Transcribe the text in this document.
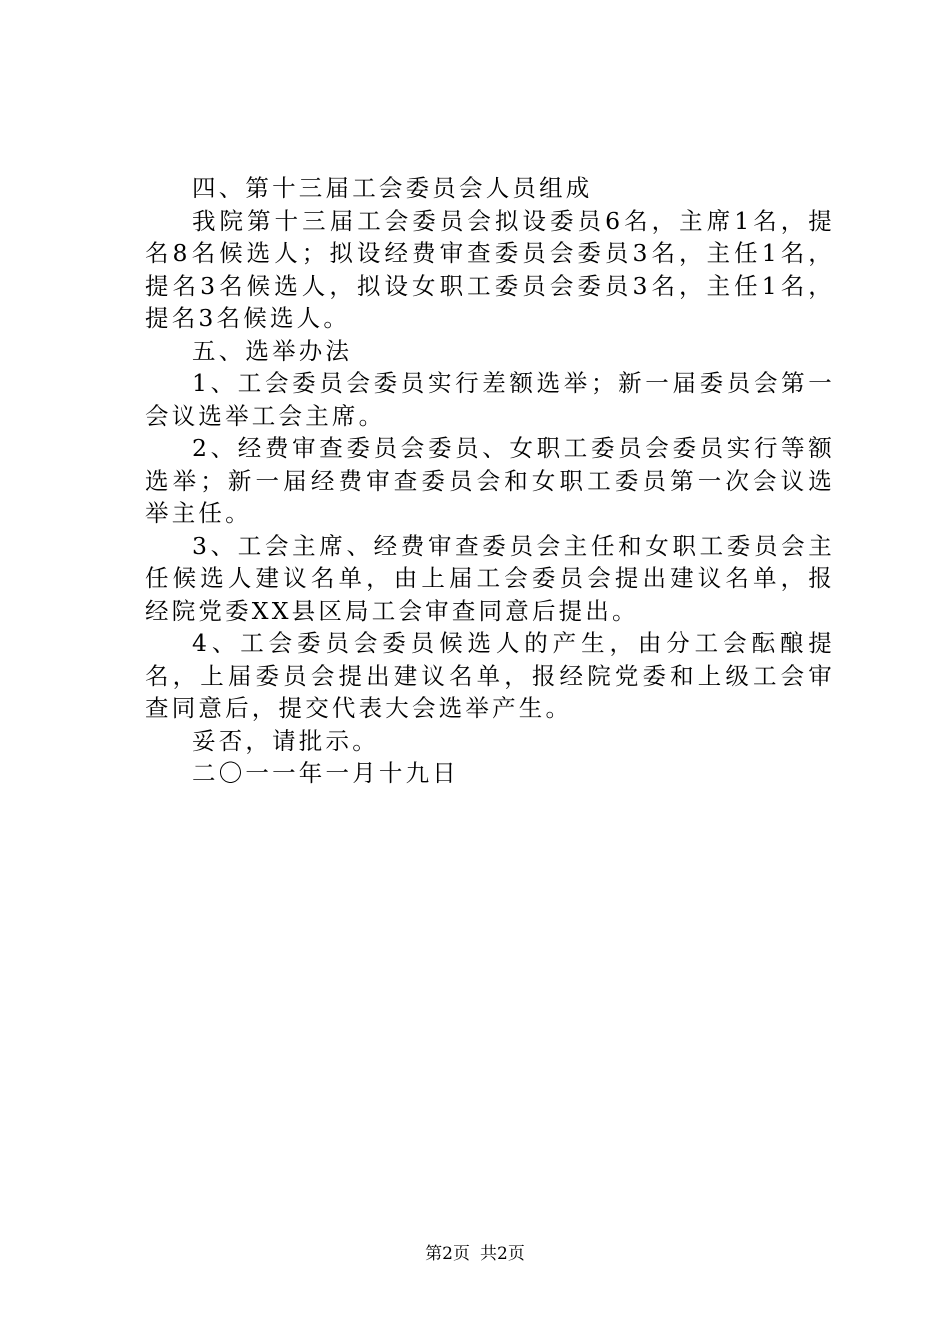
四、第十三届工会委员会人员组成

我院第十三届工会委员会拟设委员6名，主席1名，提名8名候选人；拟设经费审查委员会委员3名，主任1名，提名3名候选人，拟设女职工委员会委员3名，主任1名，提名3名候选人。

五、选举办法

1、工会委员会委员实行差额选举；新一届委员会第一会议选举工会主席。

2、经费审查委员会委员、女职工委员会委员实行等额选举；新一届经费审查委员会和女职工委员第一次会议选举主任。

3、工会主席、经费审查委员会主任和女职工委员会主任候选人建议名单，由上届工会委员会提出建议名单，报经院党委XX县区局工会审查同意后提出。

4、工会委员会委员候选人的产生，由分工会酝酿提名，上届委员会提出建议名单，报经院党委和上级工会审查同意后，提交代表大会选举产生。

妥否，请批示。

二〇一一年一月十九日

第2页 共2页
